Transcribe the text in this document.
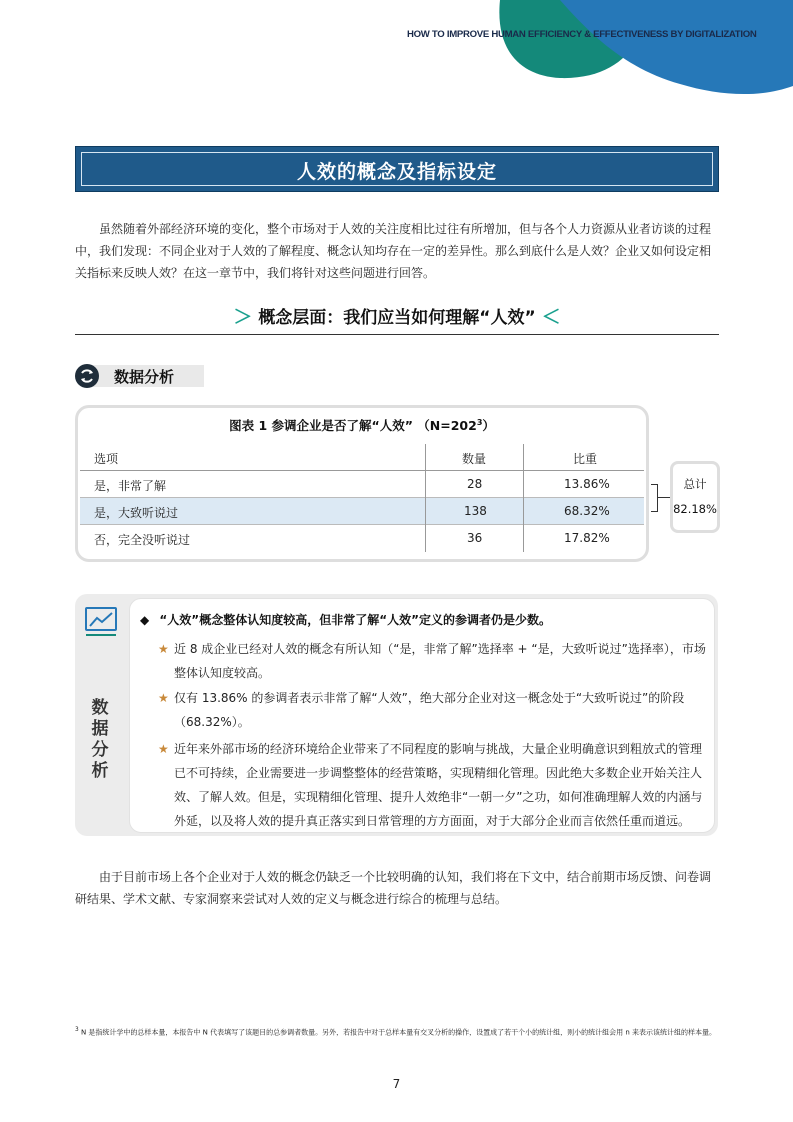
HOW TO IMPROVE HUMAN EFFICIENCY & EFFECTIVENESS BY DIGITALIZATION
人效的概念及指标设定
虽然随着外部经济环境的变化，整个市场对于人效的关注度相比过往有所增加，但与各个人力资源从业者访谈的过程中，我们发现：不同企业对于人效的了解程度、概念认知均存在一定的差异性。那么到底什么是人效？企业又如何设定相关指标来反映人效？在这一章节中，我们将针对这些问题进行回答。
＞ 概念层面：我们应当如何理解“人效” ＜
数据分析
图表 1 参调企业是否了解“人效” $(N=202^3)$
选项	数量	比重
是，非常了解	28	13.86%
是，大致听说过	138	68.32%
否，完全没听说过	36	17.82%
总计
82.18%
数据
分析
◆ “人效”概念整体认知度较高，但非常了解“人效”定义的参调者仍是少数。
★ 近 8 成企业已经对人效的概念有所认知（“是，非常了解”选择率 + “是，大致听说过”选择率），市场整体认知度较高。
★ 仅有 13.86% 的参调者表示非常了解“人效”，绝大部分企业对这一概念处于“大致听说过”的阶段（68.32%）。
★ 近年来外部市场的经济环境给企业带来了不同程度的影响与挑战，大量企业明确意识到粗放式的管理已不可持续，企业需要进一步调整整体的经营策略，实现精细化管理。因此绝大多数企业开始关注人效、了解人效。但是，实现精细化管理、提升人效绝非“一朝一夕”之功，如何准确理解人效的内涵与外延，以及将人效的提升真正落实到日常管理的方方面面，对于大部分企业而言依然任重而道远。
由于目前市场上各个企业对于人效的概念仍缺乏一个比较明确的认知，我们将在下文中，结合前期市场反馈、问卷调研结果、学术文献、专家洞察来尝试对人效的定义与概念进行综合的梳理与总结。
$^3$ N 是指统计学中的总样本量，本报告中 N 代表填写了该题目的总参调者数量。另外，若报告中对于总样本量有交叉分析的操作，设置成了若干个小的统计组，则小的统计组会用 n 来表示该统计组的样本量。
7
